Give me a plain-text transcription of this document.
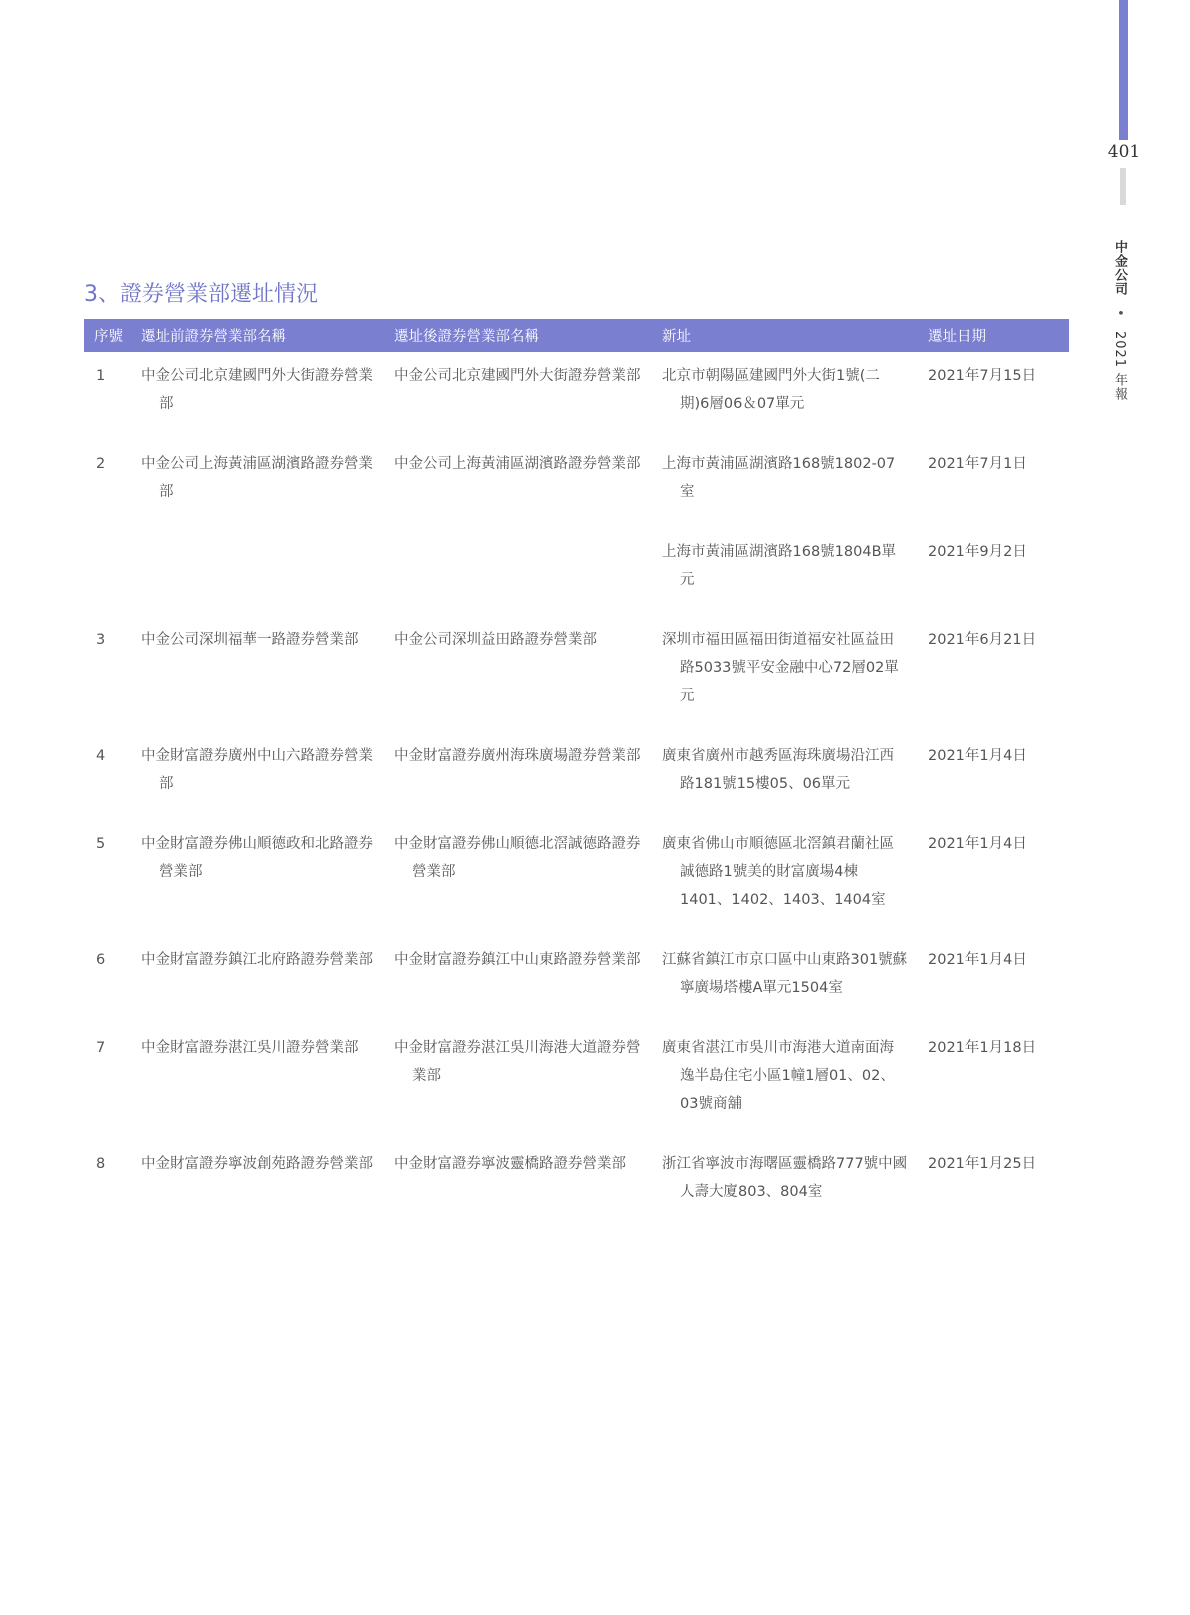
401
中金公司 • 2021 年報
3、證券營業部遷址情況
序號	遷址前證券營業部名稱	遷址後證券營業部名稱	新址	遷址日期
1	中金公司北京建國門外大街證券營業部	中金公司北京建國門外大街證券營業部	北京市朝陽區建國門外大街1號(二期)6層06＆07單元	2021年7月15日
2	中金公司上海黃浦區湖濱路證券營業部	中金公司上海黃浦區湖濱路證券營業部	上海市黃浦區湖濱路168號1802-07室	2021年7月1日
			上海市黃浦區湖濱路168號1804B單元	2021年9月2日
3	中金公司深圳福華一路證券營業部	中金公司深圳益田路證券營業部	深圳市福田區福田街道福安社區益田路5033號平安金融中心72層02單元	2021年6月21日
4	中金財富證券廣州中山六路證券營業部	中金財富證券廣州海珠廣場證券營業部	廣東省廣州市越秀區海珠廣場沿江西路181號15樓05、06單元	2021年1月4日
5	中金財富證券佛山順德政和北路證券營業部	中金財富證券佛山順德北滘誠德路證券營業部	廣東省佛山市順德區北滘鎮君蘭社區誠德路1號美的財富廣場4棟1401、1402、1403、1404室	2021年1月4日
6	中金財富證券鎮江北府路證券營業部	中金財富證券鎮江中山東路證券營業部	江蘇省鎮江市京口區中山東路301號蘇寧廣場塔樓A單元1504室	2021年1月4日
7	中金財富證券湛江吳川證券營業部	中金財富證券湛江吳川海港大道證券營業部	廣東省湛江市吳川市海港大道南面海逸半島住宅小區1幢1層01、02、03號商舖	2021年1月18日
8	中金財富證券寧波創苑路證券營業部	中金財富證券寧波靈橋路證券營業部	浙江省寧波市海曙區靈橋路777號中國人壽大廈803、804室	2021年1月25日
